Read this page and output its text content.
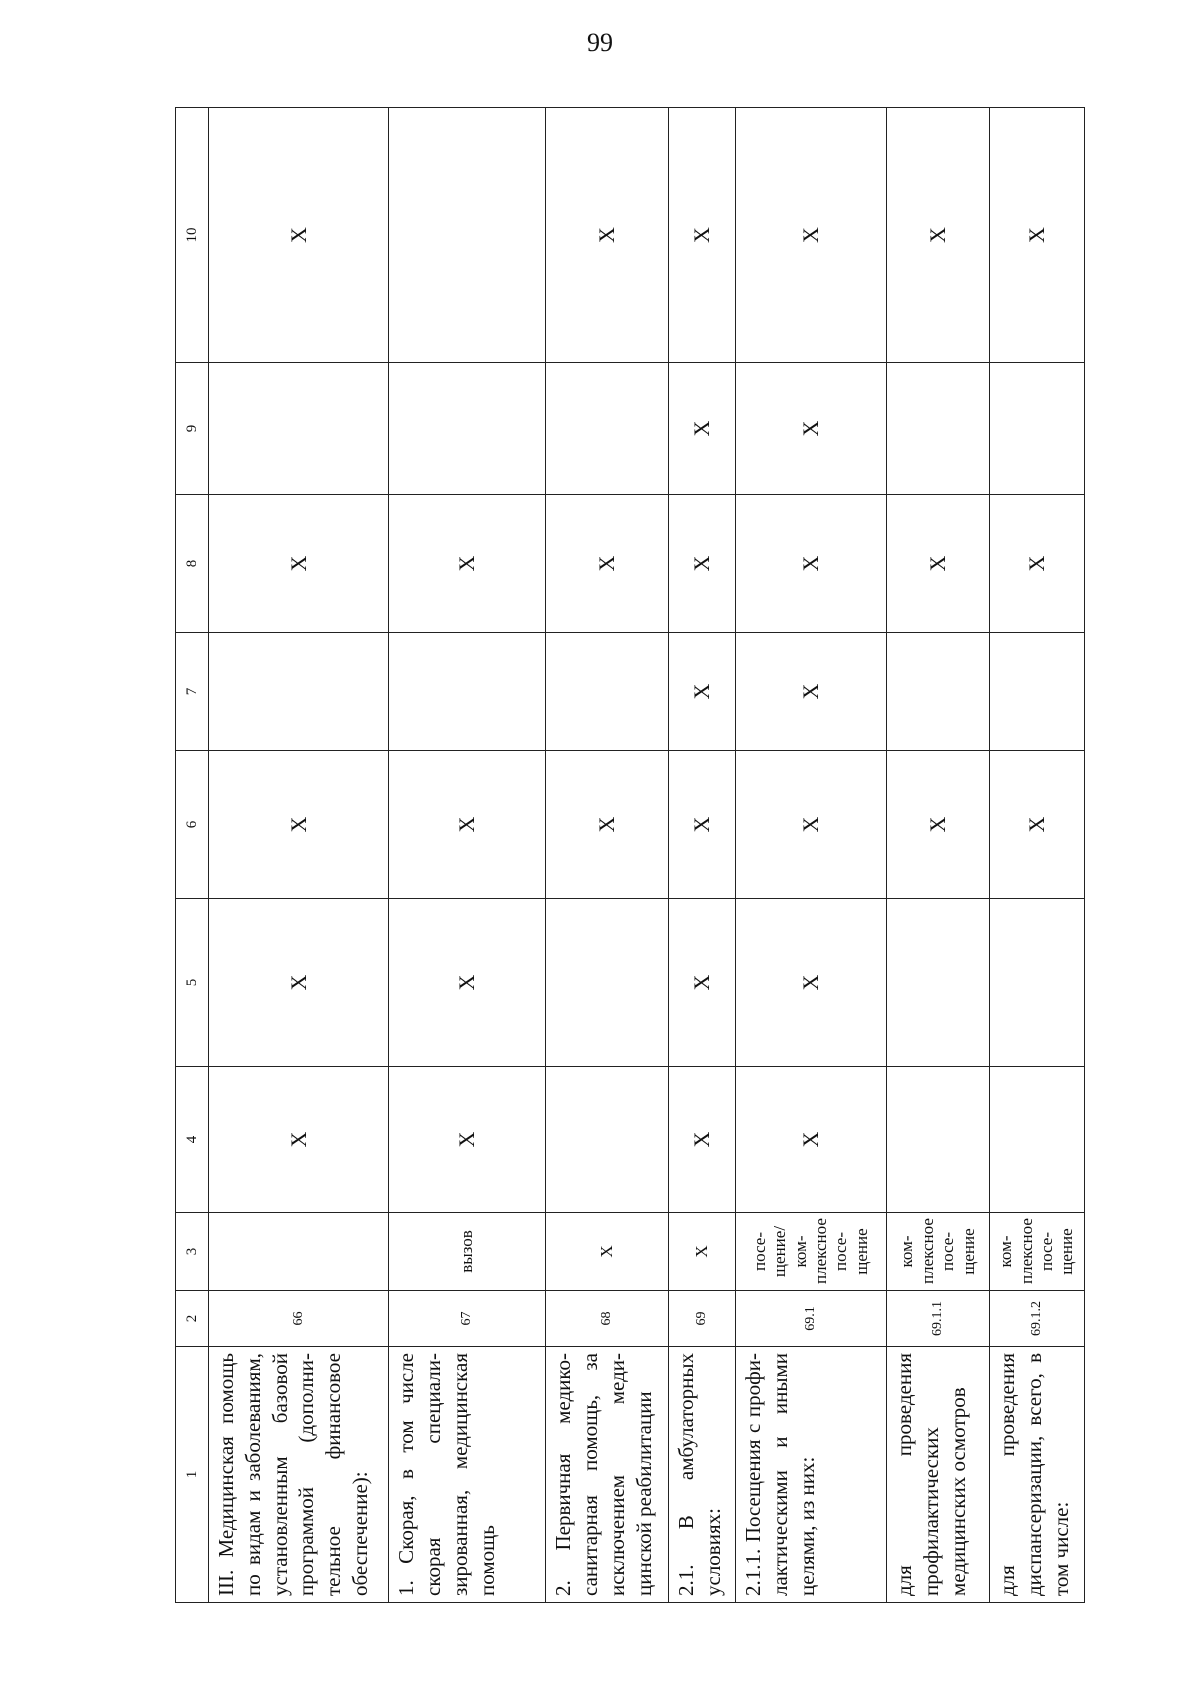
99
1	2	3	4	5	6	7	8	9	10
III. Медицинская помощь по видам и заболеваниям, установленным базовой программой (дополни-тельное финансовое обеспечение):	66		X	X	X		X		X
1. Скорая, в том числе скорая специали-зированная, медицинская помощь	67	вызов	X	X	X		X		
2. Первичная медико-санитарная помощь, за исключением меди-цинской реабилитации	68	X			X		X		X
2.1. В амбулаторных условиях:	69	X	X	X	X	X	X	X	X
2.1.1. Посещения с профи-лактическими и иными целями, из них:	69.1	посе-щение/ком-плексное посе-щение	X	X	X	X	X	X	X
для проведения профилактических медицинских осмотров	69.1.1	ком-плексное посе-щение			X		X		X
для проведения диспансеризации, всего, в том числе:	69.1.2	ком-плексное посе-щение			X		X		X
